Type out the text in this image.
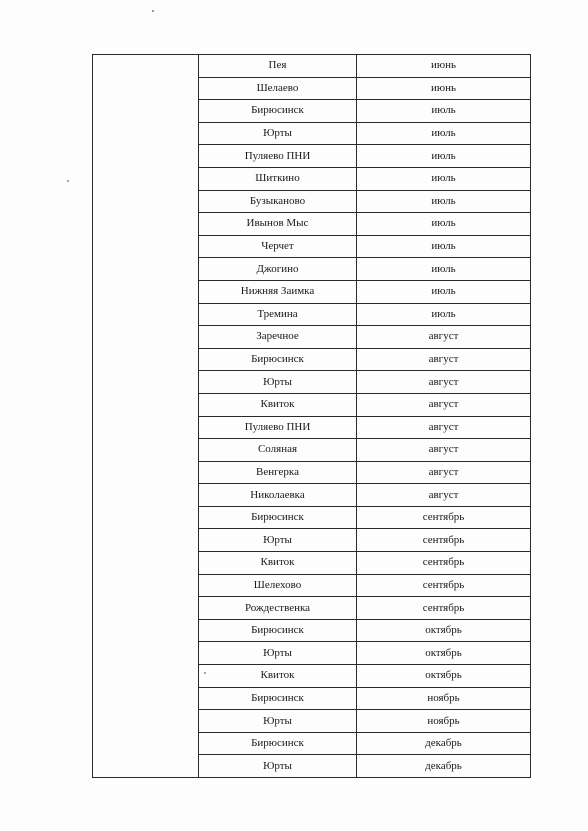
	Пея	июнь
	Шелаево	июнь
	Бирюсинск	июль
	Юрты	июль
	Пуляево ПНИ	июль
	Шиткино	июль
	Бузыканово	июль
	Ивынов Мыс	июль
	Черчет	июль
	Джогино	июль
	Нижняя Заимка	июль
	Тремина	июль
	Заречное	август
	Бирюсинск	август
	Юрты	август
	Квиток	август
	Пуляево ПНИ	август
	Соляная	август
	Венгерка	август
	Николаевка	август
	Бирюсинск	сентябрь
	Юрты	сентябрь
	Квиток	сентябрь
	Шелехово	сентябрь
	Рождественка	сентябрь
	Бирюсинск	октябрь
	Юрты	октябрь
	Квиток	октябрь
	Бирюсинск	ноябрь
	Юрты	ноябрь
	Бирюсинск	декабрь
	Юрты	декабрь
